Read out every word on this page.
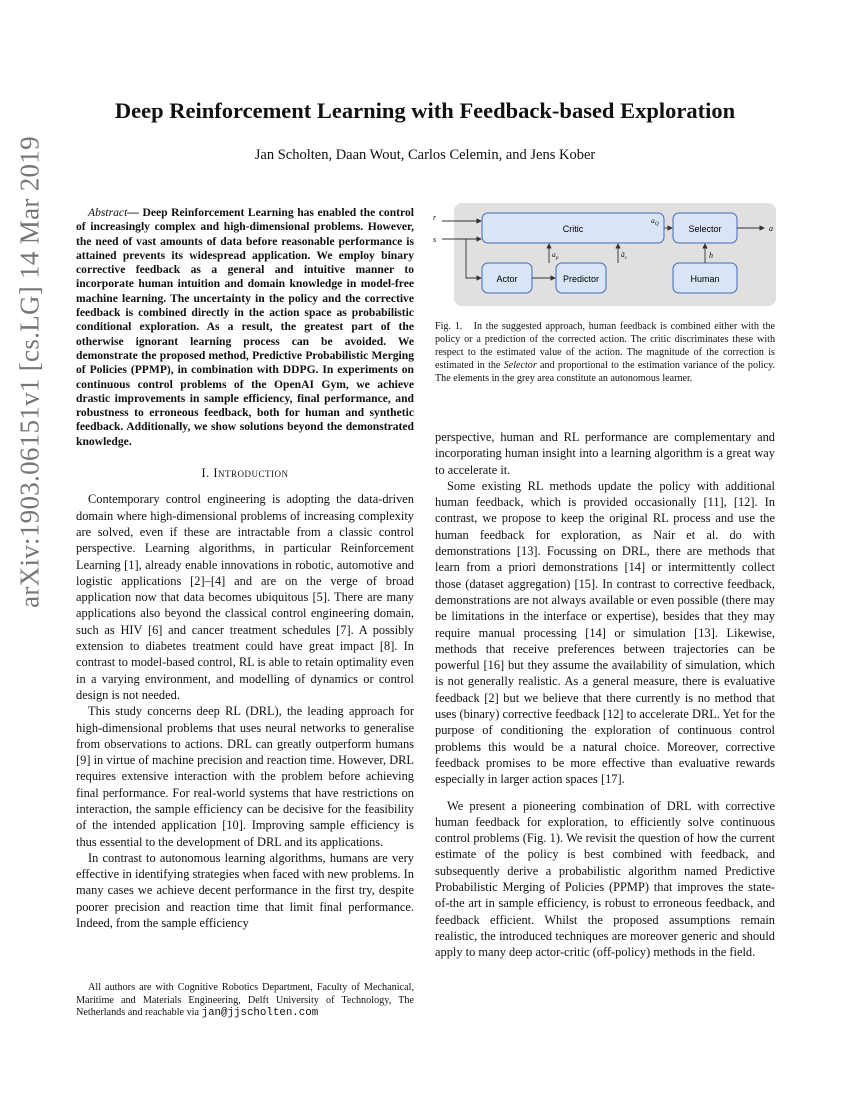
arXiv:1903.06151v1 [cs.LG] 14 Mar 2019
Deep Reinforcement Learning with Feedback-based Exploration
Jan Scholten, Daan Wout, Carlos Celemin, and Jens Kober

Abstract— Deep Reinforcement Learning has enabled the control of increasingly complex and high-dimensional problems. However, the need of vast amounts of data before reasonable performance is attained prevents its widespread application. We employ binary corrective feedback as a general and intuitive manner to incorporate human intuition and domain knowledge in model-free machine learning. The uncertainty in the policy and the corrective feedback is combined directly in the action space as probabilistic conditional exploration. As a result, the greatest part of the otherwise ignorant learning process can be avoided. We demonstrate the proposed method, Predictive Probabilistic Merging of Policies (PPMP), in combination with DDPG. In experiments on continuous control problems of the OpenAI Gym, we achieve drastic improvements in sample efficiency, final performance, and robustness to erroneous feedback, both for human and synthetic feedback. Additionally, we show solutions beyond the demonstrated knowledge.

I. Introduction

Contemporary control engineering is adopting the data-driven domain where high-dimensional problems of increasing complexity are solved, even if these are intractable from a classic control perspective. Learning algorithms, in particular Reinforcement Learning [1], already enable innovations in robotic, automotive and logistic applications [2]–[4] and are on the verge of broad application now that data becomes ubiquitous [5]. There are many applications also beyond the classical control engineering domain, such as HIV [6] and cancer treatment schedules [7]. A possibly extension to diabetes treatment could have great impact [8]. In contrast to model-based control, RL is able to retain optimality even in a varying environment, and modelling of dynamics or control design is not needed.

This study concerns deep RL (DRL), the leading approach for high-dimensional problems that uses neural networks to generalise from observations to actions. DRL can greatly outperform humans [9] in virtue of machine precision and reaction time. However, DRL requires extensive interaction with the problem before achieving final performance. For real-world systems that have restrictions on interaction, the sample efficiency can be decisive for the feasibility of the intended application [10]. Improving sample efficiency is thus essential to the development of DRL and its applications.

In contrast to autonomous learning algorithms, humans are very effective in identifying strategies when faced with new problems. In many cases we achieve decent performance in the first try, despite poorer precision and reaction time that limit final performance. Indeed, from the sample efficiency

All authors are with Cognitive Robotics Department, Faculty of Mechanical, Maritime and Materials Engineering, Delft University of Technology, The Netherlands and reachable via jan@jjscholten.com
Critic	Selector
Actor	Predictor	Human
r
s
a
h
$a_Q$
$a_p$	$â_c$
Fig. 1. In the suggested approach, human feedback is combined either with the policy or a prediction of the corrected action. The critic discriminates these with respect to the estimated value of the action. The magnitude of the correction is estimated in the Selector and proportional to the estimation variance of the policy. The elements in the grey area constitute an autonomous learner.

perspective, human and RL performance are complementary and incorporating human insight into a learning algorithm is a great way to accelerate it.

Some existing RL methods update the policy with additional human feedback, which is provided occasionally [11], [12]. In contrast, we propose to keep the original RL process and use the human feedback for exploration, as Nair et al. do with demonstrations [13]. Focussing on DRL, there are methods that learn from a priori demonstrations [14] or intermittently collect those (dataset aggregation) [15]. In contrast to corrective feedback, demonstrations are not always available or even possible (there may be limitations in the interface or expertise), besides that they may require manual processing [14] or simulation [13]. Likewise, methods that receive preferences between trajectories can be powerful [16] but they assume the availability of simulation, which is not generally realistic. As a general measure, there is evaluative feedback [2] but we believe that there currently is no method that uses (binary) corrective feedback [12] to accelerate DRL. Yet for the purpose of conditioning the exploration of continuous control problems this would be a natural choice. Moreover, corrective feedback promises to be more effective than evaluative rewards especially in larger action spaces [17].

We present a pioneering combination of DRL with corrective human feedback for exploration, to efficiently solve continuous control problems (Fig. 1). We revisit the question of how the current estimate of the policy is best combined with feedback, and subsequently derive a probabilistic algorithm named Predictive Probabilistic Merging of Policies (PPMP) that improves the state-of-the art in sample efficiency, is robust to erroneous feedback, and feedback efficient. Whilst the proposed assumptions remain realistic, the introduced techniques are moreover generic and should apply to many deep actor-critic (off-policy) methods in the field.
